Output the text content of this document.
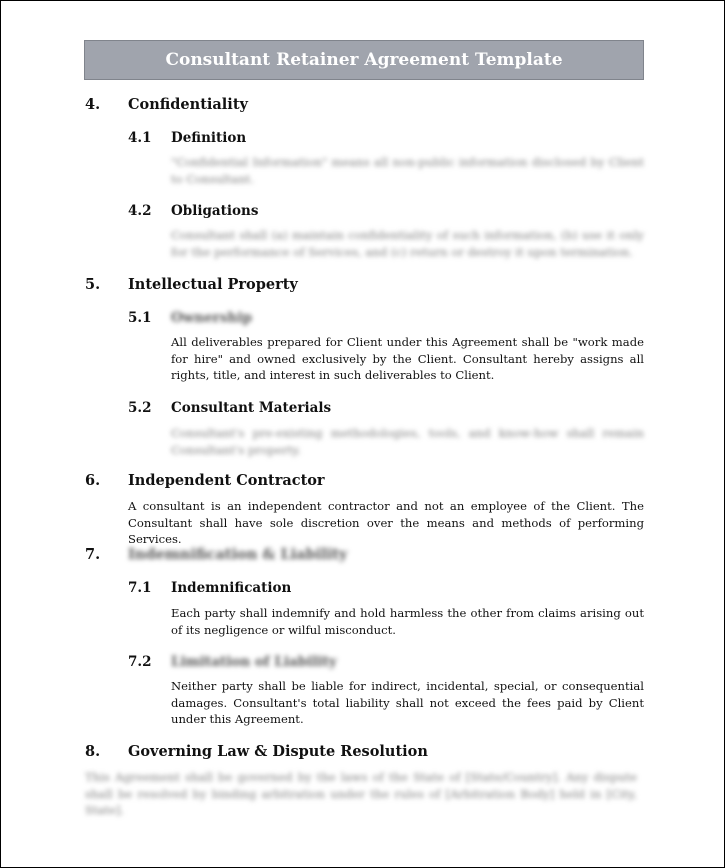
Consultant Retainer Agreement Template
4. Confidentiality
4.1 Definition
"Confidential Information" means all non-public information disclosed by Client to Consultant.
4.2 Obligations
Consultant shall (a) maintain confidentiality of such information, (b) use it only for the performance of Services, and (c) return or destroy it upon termination.
5. Intellectual Property
5.1 Ownership
All deliverables prepared for Client under this Agreement shall be "work made for hire" and owned exclusively by the Client. Consultant hereby assigns all rights, title, and interest in such deliverables to Client.
5.2 Consultant Materials
Consultant's pre-existing methodologies, tools, and know-how shall remain Consultant's property.
6. Independent Contractor
A consultant is an independent contractor and not an employee of the Client. The Consultant shall have sole discretion over the means and methods of performing Services.
7. Indemnification & Liability
7.1 Indemnification
Each party shall indemnify and hold harmless the other from claims arising out of its negligence or wilful misconduct.
7.2 Limitation of Liability
Neither party shall be liable for indirect, incidental, special, or consequential damages. Consultant's total liability shall not exceed the fees paid by Client under this Agreement.
8. Governing Law & Dispute Resolution
This Agreement shall be governed by the laws of the State of [State/Country]. Any dispute shall be resolved by binding arbitration under the rules of [Arbitration Body] held in [City, State].
